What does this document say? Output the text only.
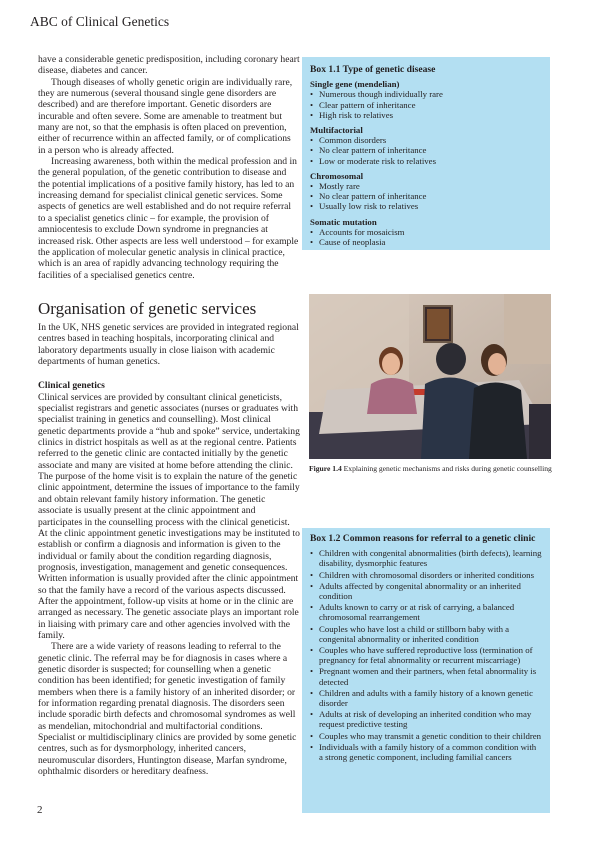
ABC of Clinical Genetics

have a considerable genetic predisposition, including coronary heart disease, diabetes and cancer.

Though diseases of wholly genetic origin are individually rare, they are numerous (several thousand single gene disorders are described) and are therefore important. Genetic disorders are incurable and often severe. Some are amenable to treatment but many are not, so that the emphasis is often placed on prevention, either of recurrence within an affected family, or of complications in a person who is already affected.

Increasing awareness, both within the medical profession and in the general population, of the genetic contribution to disease and the potential implications of a positive family history, has led to an increasing demand for specialist clinical genetic services. Some aspects of genetics are well established and do not require referral to a specialist genetics clinic – for example, the provision of amniocentesis to exclude Down syndrome in pregnancies at increased risk. Other aspects are less well understood – for example the application of molecular genetic analysis in clinical practice, which is an area of rapidly advancing technology requiring the facilities of a specialised genetics centre.

Box 1.1 Type of genetic disease
Single gene (mendelian)
• Numerous though individually rare
• Clear pattern of inheritance
• High risk to relatives
Multifactorial
• Common disorders
• No clear pattern of inheritance
• Low or moderate risk to relatives
Chromosomal
• Mostly rare
• No clear pattern of inheritance
• Usually low risk to relatives
Somatic mutation
• Accounts for mosaicism
• Cause of neoplasia
Organisation of genetic services

In the UK, NHS genetic services are provided in integrated regional centres based in teaching hospitals, incorporating clinical and laboratory departments usually in close liaison with academic departments of human genetics.

Clinical genetics

Clinical services are provided by consultant clinical geneticists, specialist registrars and genetic associates (nurses or graduates with specialist training in genetics and counselling). Most clinical genetic departments provide a “hub and spoke” service, undertaking clinics in district hospitals as well as at the regional centre. Patients referred to the genetic clinic are contacted initially by the genetic associate and many are visited at home before attending the clinic. The purpose of the home visit is to explain the nature of the genetic clinic appointment, determine the issues of importance to the family and obtain relevant family history information. The genetic associate is usually present at the clinic appointment and participates in the counselling process with the clinical geneticist. At the clinic appointment genetic investigations may be instituted to establish or confirm a diagnosis and information is given to the individual or family about the condition regarding diagnosis, prognosis, investigation, management and genetic consequences. Written information is usually provided after the clinic appointment so that the family have a record of the various aspects discussed. After the appointment, follow-up visits at home or in the clinic are arranged as necessary. The genetic associate plays an important role in liaising with primary care and other agencies involved with the family.

There are a wide variety of reasons leading to referral to the genetic clinic. The referral may be for diagnosis in cases where a genetic disorder is suspected; for counselling when a genetic condition has been identified; for genetic investigation of family members when there is a family history of an inherited disorder; or for information regarding prenatal diagnosis. The disorders seen include sporadic birth defects and chromosomal syndromes as well as mendelian, mitochondrial and multifactorial conditions. Specialist or multidisciplinary clinics are provided by some genetic centres, such as for dysmorphology, inherited cancers, neuromuscular disorders, Huntington disease, Marfan syndrome, ophthalmic disorders or hereditary deafness.

Figure 1.4 Explaining genetic mechanisms and risks during genetic counselling
Box 1.2 Common reasons for referral to a genetic clinic
• Children with congenital abnormalities (birth defects), learning disability, dysmorphic features
• Children with chromosomal disorders or inherited conditions
• Adults affected by congenital abnormality or an inherited condition
• Adults known to carry or at risk of carrying, a balanced chromosomal rearrangement
• Couples who have lost a child or stillborn baby with a congenital abnormality or inherited condition
• Couples who have suffered reproductive loss (termination of pregnancy for fetal abnormality or recurrent miscarriage)
• Pregnant women and their partners, when fetal abnormality is detected
• Children and adults with a family history of a known genetic disorder
• Adults at risk of developing an inherited condition who may request predictive testing
• Couples who may transmit a genetic condition to their children
• Individuals with a family history of a common condition with a strong genetic component, including familial cancers
2
